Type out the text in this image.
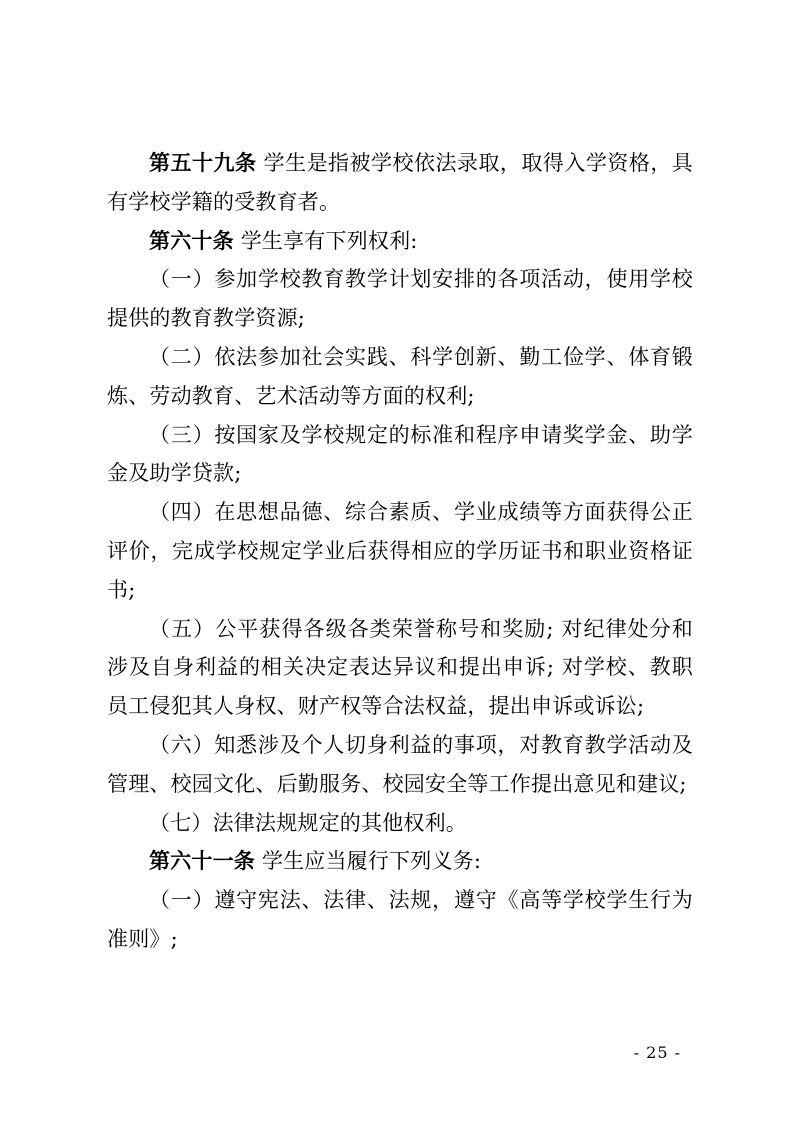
第五十九条 学生是指被学校依法录取，取得入学资格，具有学校学籍的受教育者。

第六十条 学生享有下列权利:

（一）参加学校教育教学计划安排的各项活动，使用学校提供的教育教学资源;

（二）依法参加社会实践、科学创新、勤工俭学、体育锻炼、劳动教育、艺术活动等方面的权利;

（三）按国家及学校规定的标准和程序申请奖学金、助学金及助学贷款;

（四）在思想品德、综合素质、学业成绩等方面获得公正评价，完成学校规定学业后获得相应的学历证书和职业资格证书;

（五）公平获得各级各类荣誉称号和奖励; 对纪律处分和涉及自身利益的相关决定表达异议和提出申诉; 对学校、教职员工侵犯其人身权、财产权等合法权益，提出申诉或诉讼;

（六）知悉涉及个人切身利益的事项，对教育教学活动及管理、校园文化、后勤服务、校园安全等工作提出意见和建议;

（七）法律法规规定的其他权利。

第六十一条 学生应当履行下列义务:

（一）遵守宪法、法律、法规，遵守《高等学校学生行为准则》;

- 25 -
